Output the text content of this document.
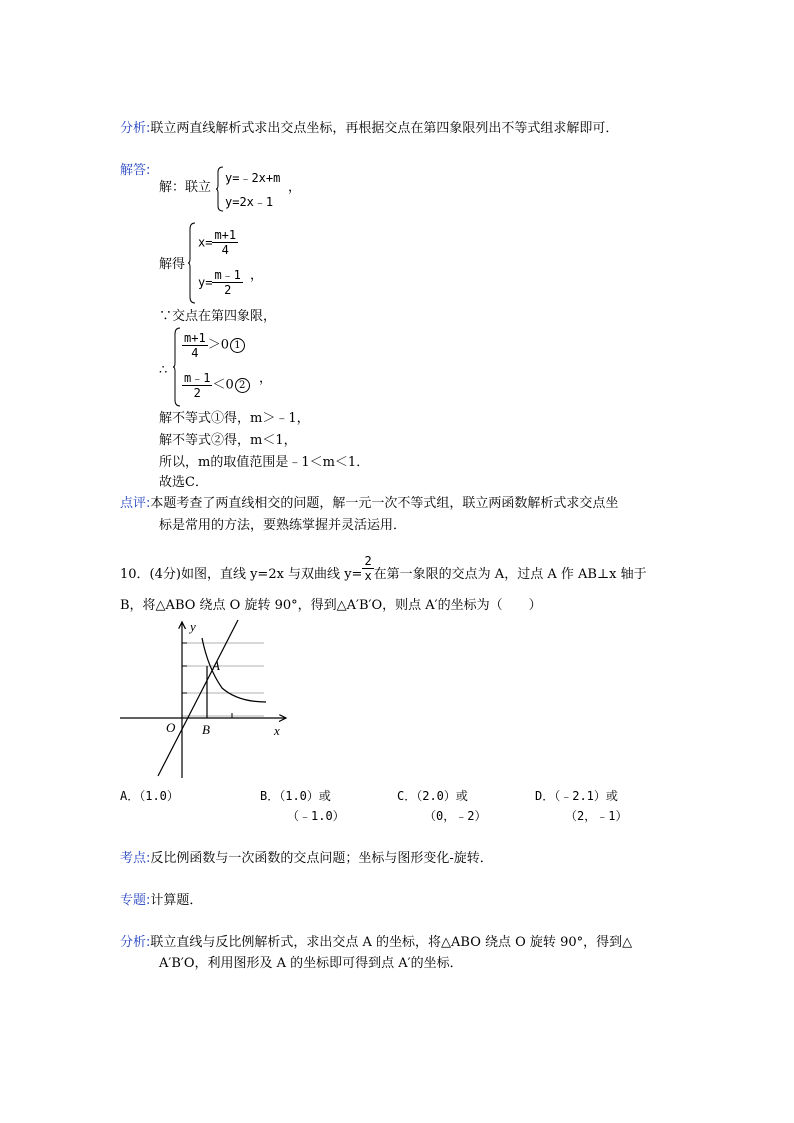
分析:联立两直线解析式求出交点坐标，再根据交点在第四象限列出不等式组求解即可．
解答:
解：联立
y=﹣2x+m
y=2x﹣1
，
解得
$x= \frac{m+1}{4}$
$y= \frac{m﹣1}{2}$ ，
∵交点在第四象限，
∴
$\frac{m+1}{4} >0$ 1
$\frac{m﹣1}{2} <0$ 2	，
解不等式①得，m＞﹣1，
解不等式②得，m＜1，
所以，m的取值范围是﹣1＜m＜1．
故选C．
点评:本题考查了两直线相交的问题，解一元一次不等式组，联立两函数解析式求交点坐
标是常用的方法，要熟练掌握并灵活运用．
10．(4分)如图，直线 y=2x 与双曲线 $y= \frac{2}{x}$ 在第一象限的交点为 A，过点 A 作 AB⊥x 轴于
B，将△ABO 绕点 O 旋转 90°，得到△A′B′O，则点 A′的坐标为（　　）
y
x
O
A
B
A．（1.0）	B．（1.0）或
（﹣1.0）
C．（2.0）或
（0，﹣2）
D．（﹣2.1）或
（2，﹣1）
考点:反比例函数与一次函数的交点问题；坐标与图形变化-旋转．
专题:计算题．
分析:联立直线与反比例解析式，求出交点 A 的坐标，将△ABO 绕点 O 旋转 90°，得到△
A′B′O，利用图形及 A 的坐标即可得到点 A′的坐标．
